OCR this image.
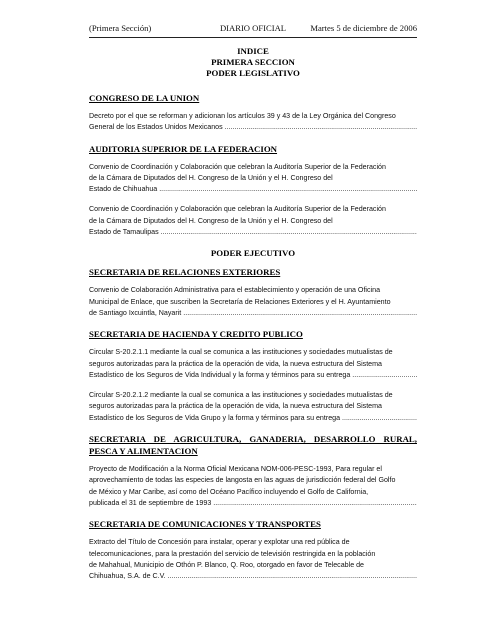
(Primera Sección)	DIARIO OFICIAL	Martes 5 de diciembre de 2006
INDICE
PRIMERA SECCION
PODER LEGISLATIVO
CONGRESO DE LA UNION
Decreto por el que se reforman y adicionan los artículos 39 y 43 de la Ley Orgánica del Congreso
General de los Estados Unidos Mexicanos .....
AUDITORIA SUPERIOR DE LA FEDERACION
Convenio de Coordinación y Colaboración que celebran la Auditoría Superior de la Federación
de la Cámara de Diputados del H. Congreso de la Unión y el H. Congreso del
Estado de Chihuahua .....
Convenio de Coordinación y Colaboración que celebran la Auditoría Superior de la Federación
de la Cámara de Diputados del H. Congreso de la Unión y el H. Congreso del
Estado de Tamaulipas .....
PODER EJECUTIVO
SECRETARIA DE RELACIONES EXTERIORES
Convenio de Colaboración Administrativa para el establecimiento y operación de una Oficina
Municipal de Enlace, que suscriben la Secretaría de Relaciones Exteriores y el H. Ayuntamiento
de Santiago Ixcuintla, Nayarit .....
SECRETARIA DE HACIENDA Y CREDITO PUBLICO
Circular S-20.2.1.1 mediante la cual se comunica a las instituciones y sociedades mutualistas de
seguros autorizadas para la práctica de la operación de vida, la nueva estructura del Sistema
Estadístico de los Seguros de Vida Individual y la forma y términos para su entrega .....
Circular S-20.2.1.2 mediante la cual se comunica a las instituciones y sociedades mutualistas de
seguros autorizadas para la práctica de la operación de vida, la nueva estructura del Sistema
Estadístico de los Seguros de Vida Grupo y la forma y términos para su entrega .....
SECRETARIA DE AGRICULTURA, GANADERIA, DESARROLLO RURAL, PESCA Y ALIMENTACION
Proyecto de Modificación a la Norma Oficial Mexicana NOM-006-PESC-1993, Para regular el
aprovechamiento de todas las especies de langosta en las aguas de jurisdicción federal del Golfo
de México y Mar Caribe, así como del Océano Pacífico incluyendo el Golfo de California,
publicada el 31 de septiembre de 1993 .....
SECRETARIA DE COMUNICACIONES Y TRANSPORTES
Extracto del Título de Concesión para instalar, operar y explotar una red pública de
telecomunicaciones, para la prestación del servicio de televisión restringida en la población
de Mahahual, Municipio de Othón P. Blanco, Q. Roo, otorgado en favor de Telecable de
Chihuahua, S.A. de C.V. .....
